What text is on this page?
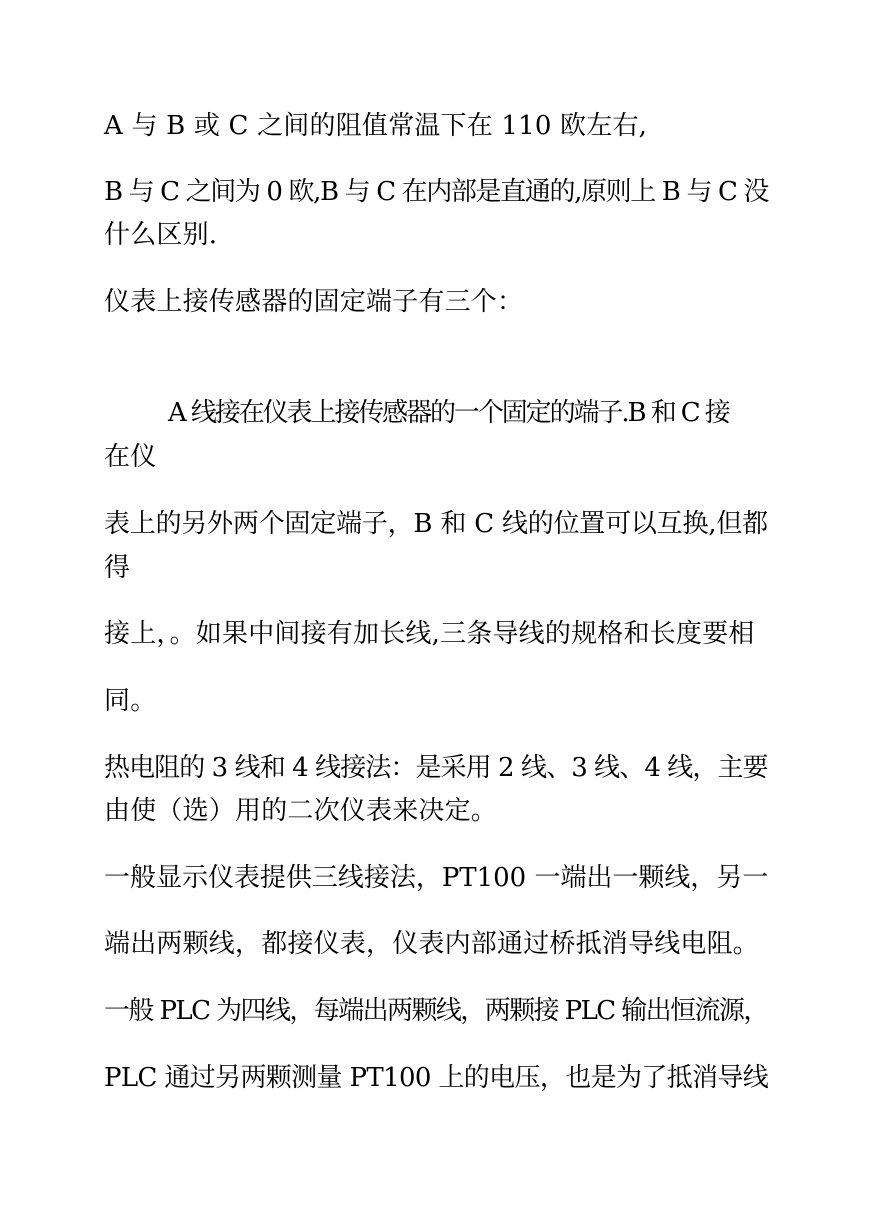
A 与 B 或 C 之间的阻值常温下在 110 欧左右,
B 与 C 之间为 0 欧,B 与 C 在内部是直通的,原则上 B 与 C 没
什么区别.
仪表上接传感器的固定端子有三个：
A 线接在仪表上接传感器的一个固定的端子.B 和 C 接
在仪
表上的另外两个固定端子，B 和 C 线的位置可以互换,但都
得
接上，。如果中间接有加长线,三条导线的规格和长度要相
同。
热电阻的 3 线和 4 线接法：是采用 2 线、3 线、4 线，主要
由使（选）用的二次仪表来决定。
一般显示仪表提供三线接法，PT100 一端出一颗线，另一
端出两颗线，都接仪表，仪表内部通过桥抵消导线电阻。
一般 PLC 为四线，每端出两颗线，两颗接 PLC 输出恒流源，
PLC 通过另两颗测量 PT100 上的电压，也是为了抵消导线
